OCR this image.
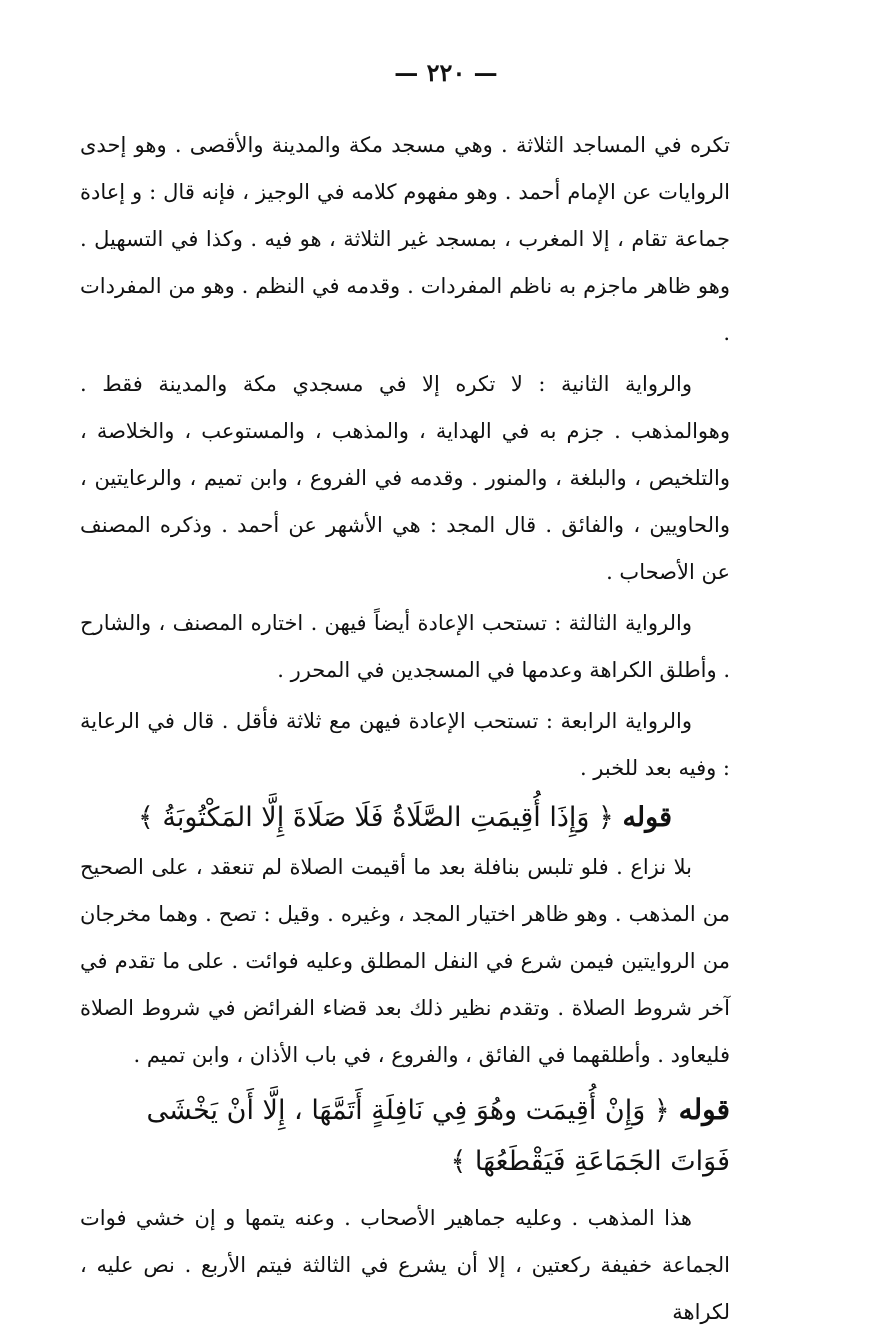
— ٢٢٠ —

تكره في المساجد الثلاثة . وهي مسجد مكة والمدينة والأقصى . وهو إحدى الروايات عن الإمام أحمد . وهو مفهوم كلامه في الوجيز ، فإنه قال : و إعادة جماعة تقام ، إلا المغرب ، بمسجد غير الثلاثة ، هو فيه . وكذا في التسهيل . وهو ظاهر ماجزم به ناظم المفردات . وقدمه في النظم . وهو من المفردات .

والرواية الثانية : لا تكره إلا في مسجدي مكة والمدينة فقط . وهوالمذهب . جزم به في الهداية ، والمذهب ، والمستوعب ، والخلاصة ، والتلخيص ، والبلغة ، والمنور . وقدمه في الفروع ، وابن تميم ، والرعايتين ، والحاويين ، والفائق . قال المجد : هي الأشهر عن أحمد . وذكره المصنف عن الأصحاب .

والرواية الثالثة : تستحب الإعادة أيضاً فيهن . اختاره المصنف ، والشارح . وأطلق الكراهة وعدمها في المسجدين في المحرر .

والرواية الرابعة : تستحب الإعادة فيهن مع ثلاثة فأقل . قال في الرعاية : وفيه بعد للخبر .

قوله ﴿ وَإِذَا أُقِيمَتِ الصَّلَاةُ فَلَا صَلَاةَ إِلَّا المَكْتُوبَةُ ﴾

بلا نزاع . فلو تلبس بنافلة بعد ما أقيمت الصلاة لم تنعقد ، على الصحيح من المذهب . وهو ظاهر اختيار المجد ، وغيره . وقيل : تصح . وهما مخرجان من الروايتين فيمن شرع في النفل المطلق وعليه فوائت . على ما تقدم في آخر شروط الصلاة . وتقدم نظير ذلك بعد قضاء الفرائض في شروط الصلاة فليعاود . وأطلقهما في الفائق ، والفروع ، في باب الأذان ، وابن تميم .

قوله ﴿ وَإِنْ أُقِيمَت وهُوَ فِي نَافِلَةٍ أَتَمَّهَا ، إِلَّا أَنْ يَخْشَى فَوَاتَ الجَمَاعَةِ فَيَقْطَعُهَا ﴾

هذا المذهب . وعليه جماهير الأصحاب . وعنه يتمها و إن خشي فوات الجماعة خفيفة ركعتين ، إلا أن يشرع في الثالثة فيتم الأربع . نص عليه ، لكراهة
